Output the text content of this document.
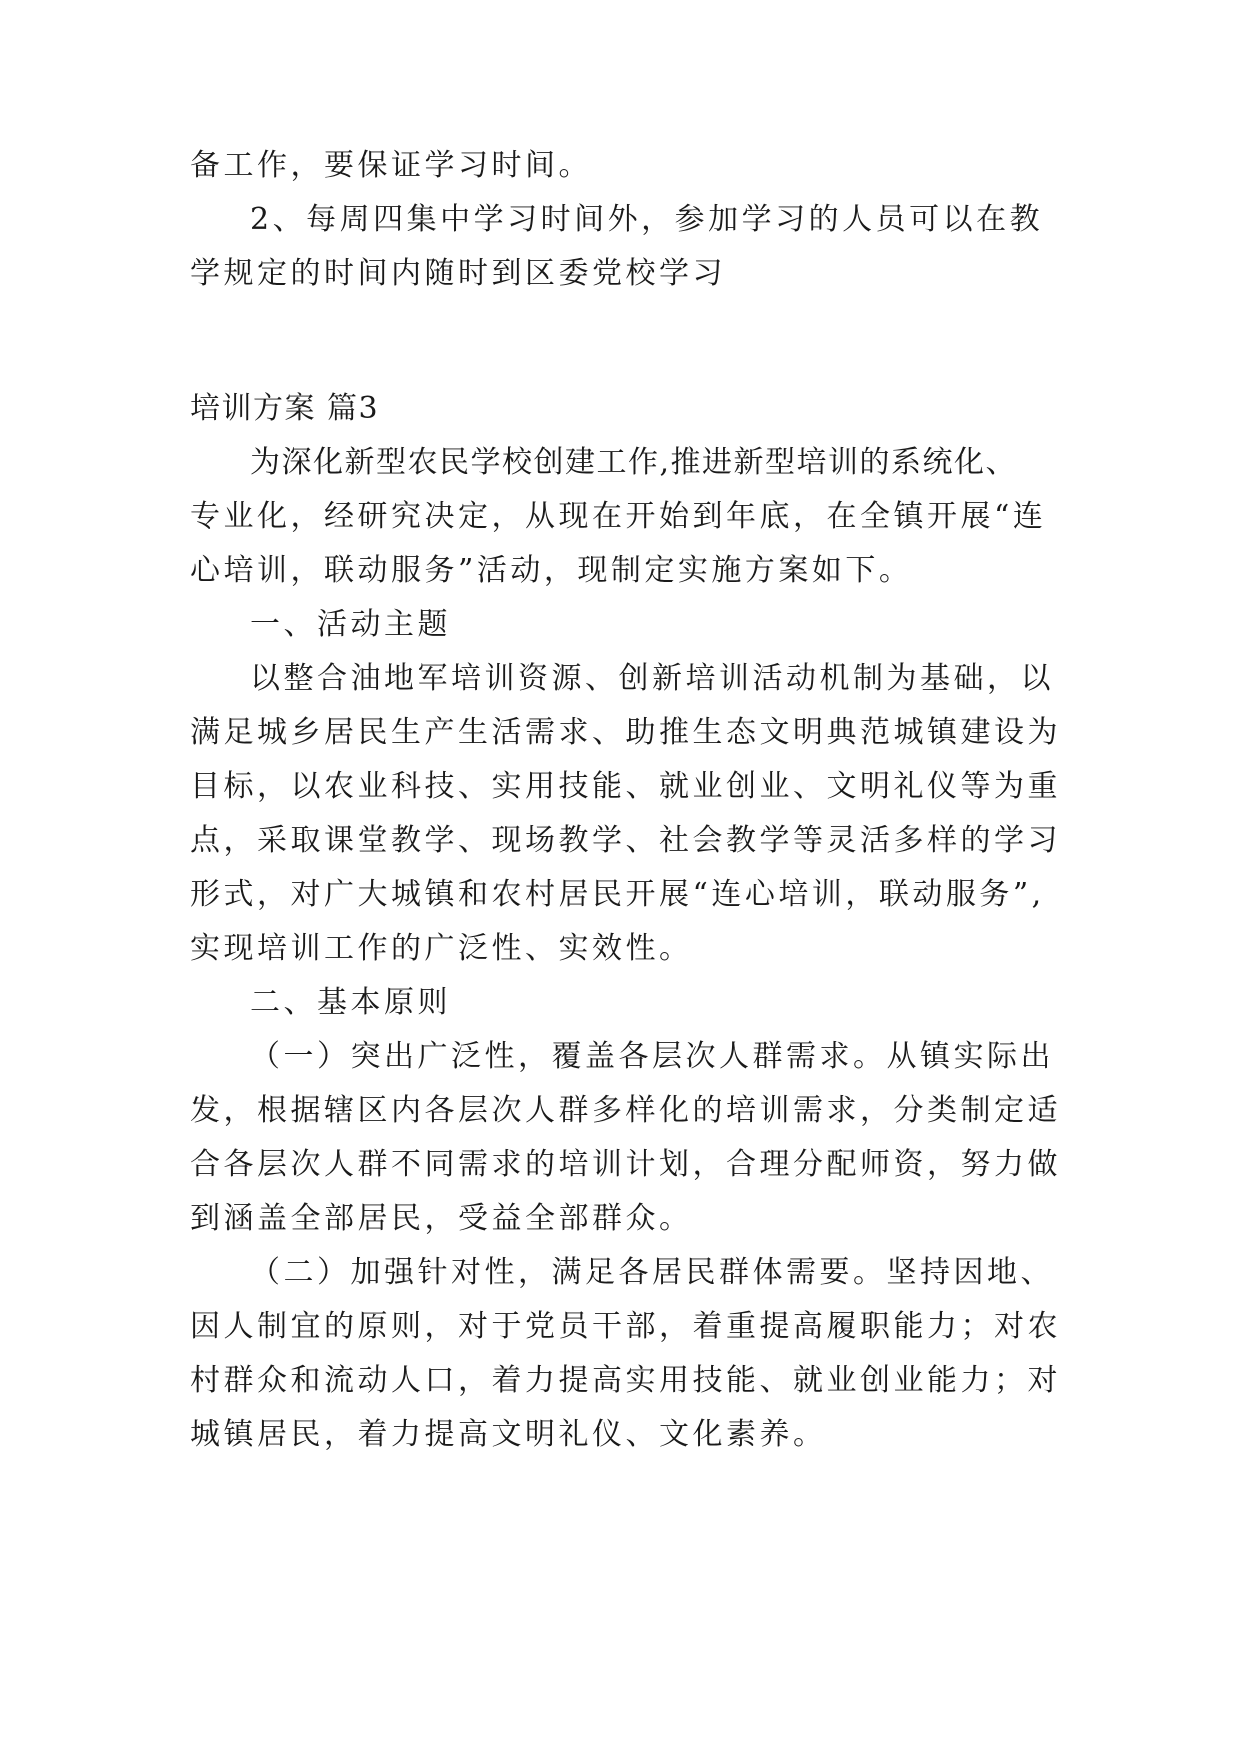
备工作，要保证学习时间。
2、每周四集中学习时间外，参加学习的人员可以在教
学规定的时间内随时到区委党校学习
培训方案 篇3
为深化新型农民学校创建工作,推进新型培训的系统化、
专业化，经研究决定，从现在开始到年底，在全镇开展“连
心培训，联动服务”活动，现制定实施方案如下。
一、活动主题
以整合油地军培训资源、创新培训活动机制为基础，以
满足城乡居民生产生活需求、助推生态文明典范城镇建设为
目标，以农业科技、实用技能、就业创业、文明礼仪等为重
点，采取课堂教学、现场教学、社会教学等灵活多样的学习
形式，对广大城镇和农村居民开展“连心培训，联动服务”,
实现培训工作的广泛性、实效性。
二、基本原则
（一）突出广泛性，覆盖各层次人群需求。从镇实际出
发，根据辖区内各层次人群多样化的培训需求，分类制定适
合各层次人群不同需求的培训计划，合理分配师资，努力做
到涵盖全部居民，受益全部群众。
（二）加强针对性，满足各居民群体需要。坚持因地、
因人制宜的原则，对于党员干部，着重提高履职能力；对农
村群众和流动人口，着力提高实用技能、就业创业能力；对
城镇居民，着力提高文明礼仪、文化素养。
